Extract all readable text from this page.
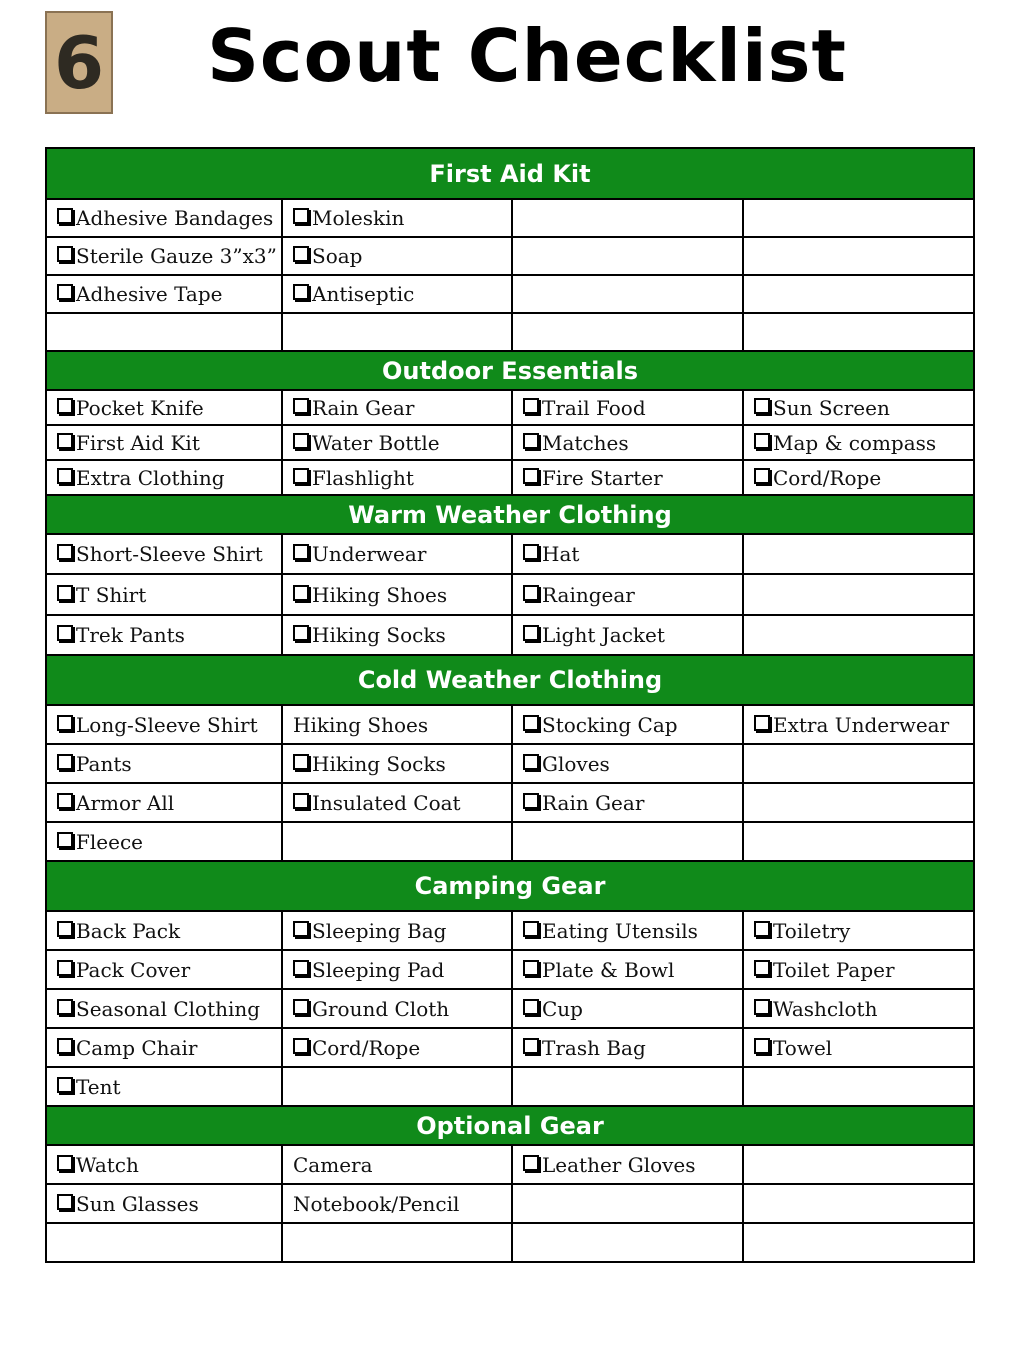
6	Scout Checklist
First Aid Kit			
Adhesive Bandages	Moleskin		
Sterile Gauze 3”x3”	Soap		
Adhesive Tape	Antiseptic		

Outdoor Essentials			
Pocket Knife	Rain Gear	Trail Food	Sun Screen
First Aid Kit	Water Bottle	Matches	Map & compass
Extra Clothing	Flashlight	Fire Starter	Cord/Rope
Warm Weather Clothing			
Short-Sleeve Shirt	Underwear	Hat	
T Shirt	Hiking Shoes	Raingear	
Trek Pants	Hiking Socks	Light Jacket	
Cold Weather Clothing			
Long-Sleeve Shirt	Hiking Shoes	Stocking Cap	Extra Underwear
Pants	Hiking Socks	Gloves	
Armor All	Insulated Coat	Rain Gear	
Fleece			
Camping Gear			
Back Pack	Sleeping Bag	Eating Utensils	Toiletry
Pack Cover	Sleeping Pad	Plate & Bowl	Toilet Paper
Seasonal Clothing	Ground Cloth	Cup	Washcloth
Camp Chair	Cord/Rope	Trash Bag	Towel
Tent			
Optional Gear			
Watch	Camera	Leather Gloves	
Sun Glasses	Notebook/Pencil		
